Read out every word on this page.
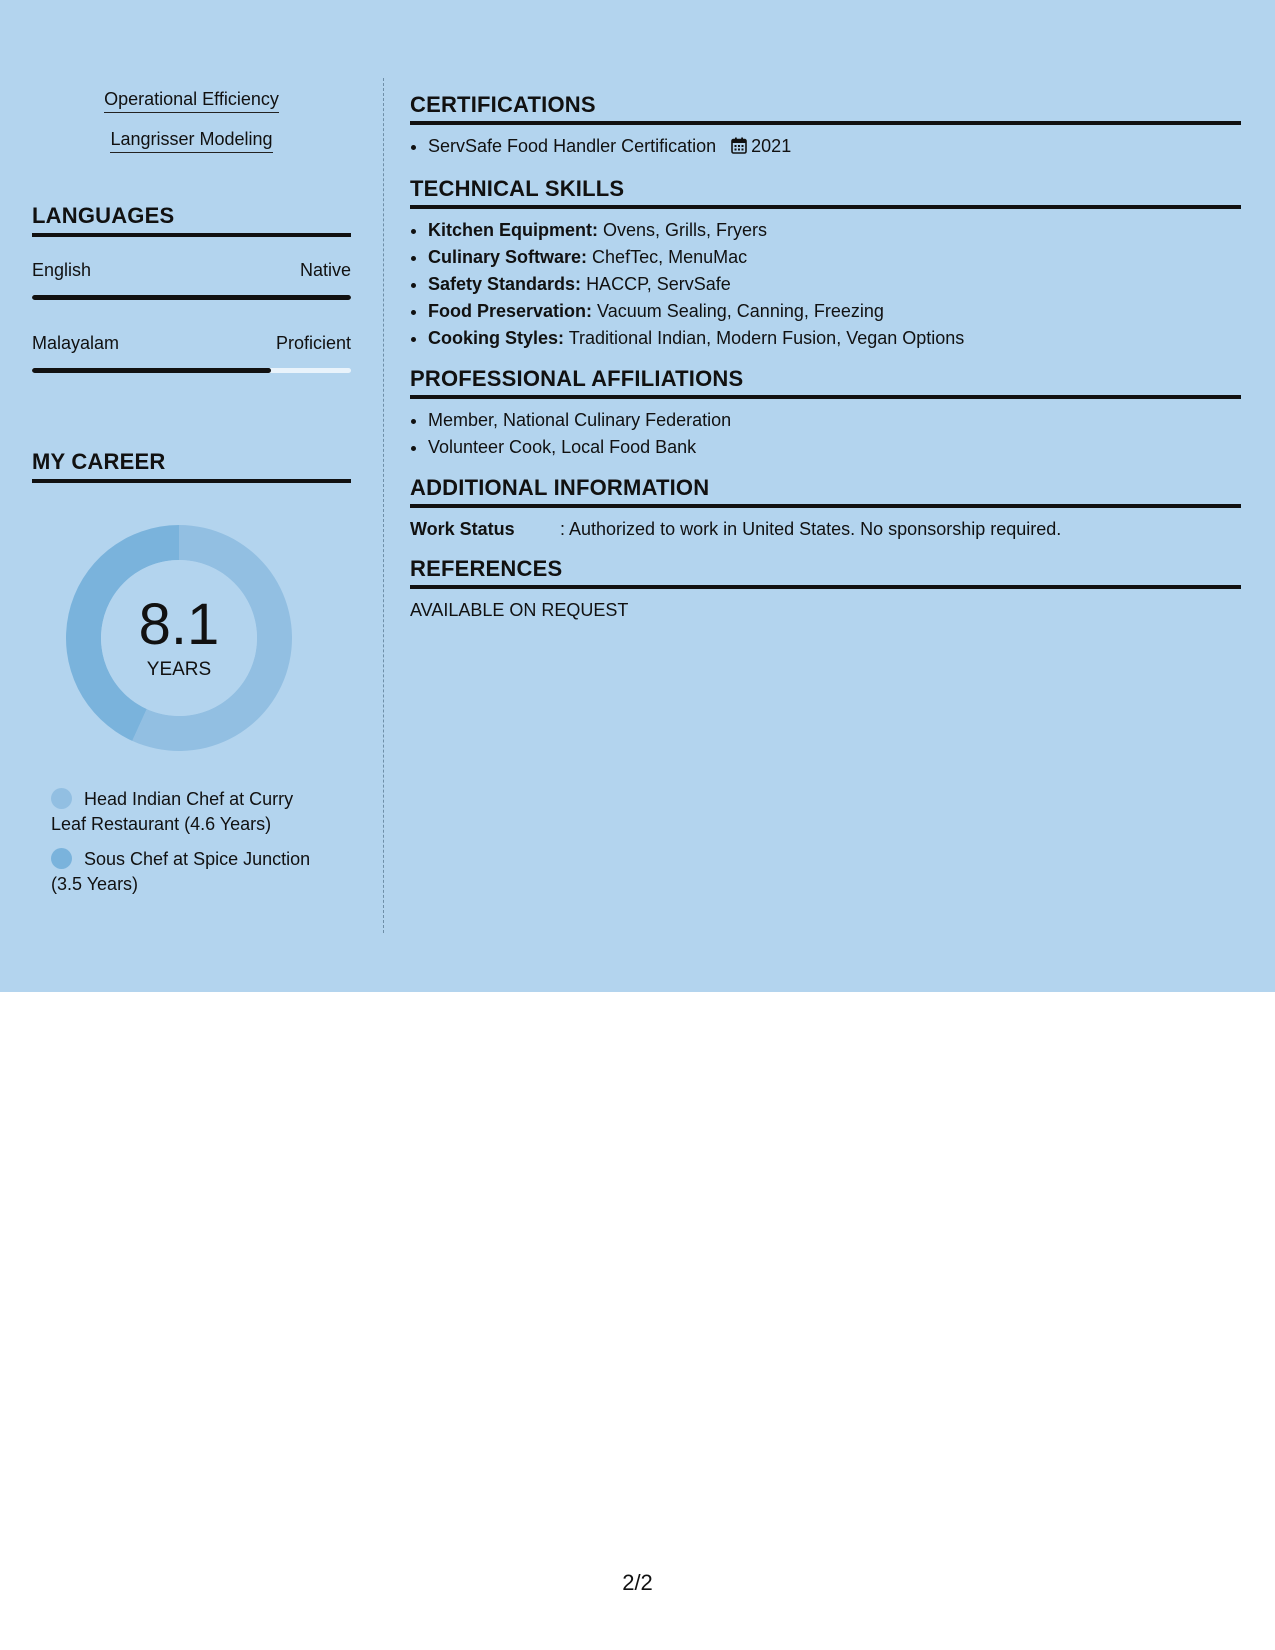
Operational Efficiency
Langrisser Modeling
LANGUAGES
English	Native
Malayalam	Proficient
MY CAREER
8.1
YEARS
Head Indian Chef at Curry Leaf Restaurant (4.6 Years)
Sous Chef at Spice Junction (3.5 Years)
CERTIFICATIONS
• ServSafe Food Handler Certification 2021
TECHNICAL SKILLS
• Kitchen Equipment: Ovens, Grills, Fryers
• Culinary Software: ChefTec, MenuMac
• Safety Standards: HACCP, ServSafe
• Food Preservation: Vacuum Sealing, Canning, Freezing
• Cooking Styles: Traditional Indian, Modern Fusion, Vegan Options
PROFESSIONAL AFFILIATIONS
• Member, National Culinary Federation
• Volunteer Cook, Local Food Bank
ADDITIONAL INFORMATION
Work Status	: Authorized to work in United States. No sponsorship required.
REFERENCES
AVAILABLE ON REQUEST
2/2
